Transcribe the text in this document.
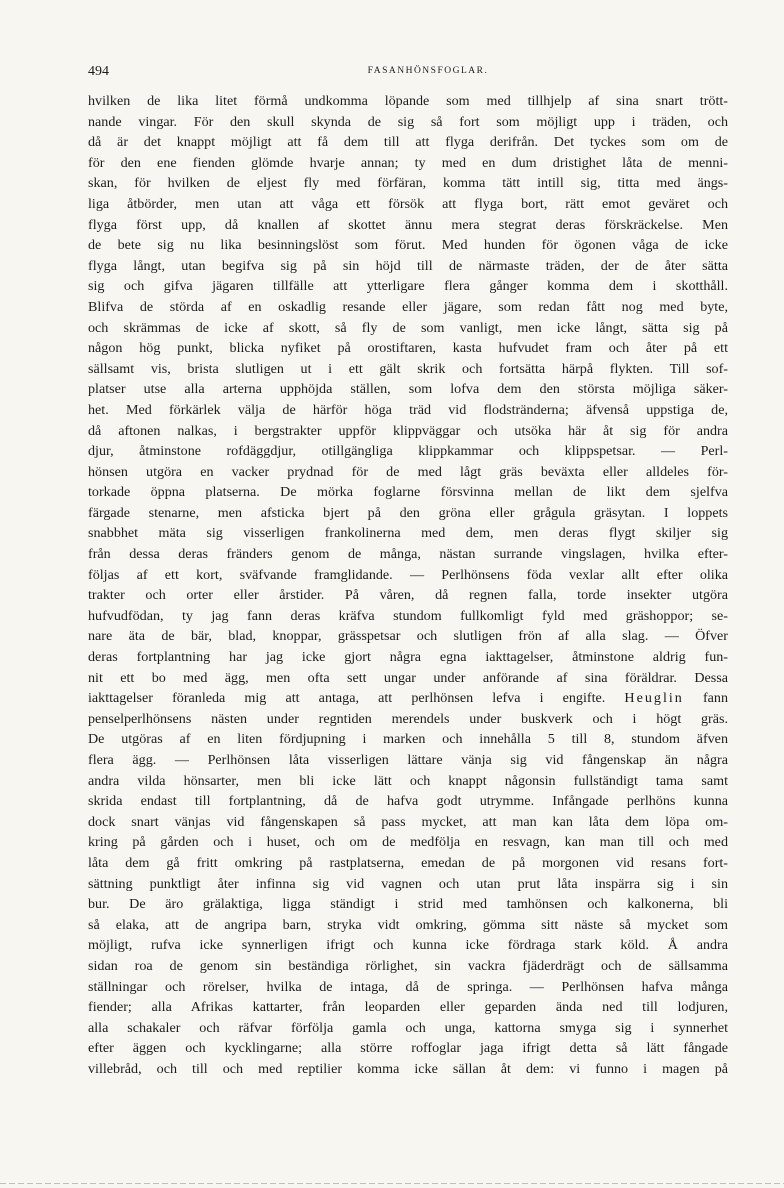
494	FASANHÖNSFOGLAR.
hvilken de lika litet förmå undkomma löpande som med tillhjelp af sina snart trött-
nande vingar. För den skull skynda de sig så fort som möjligt upp i träden, och
då är det knappt möjligt att få dem till att flyga derifrån. Det tyckes som om de
för den ene fienden glömde hvarje annan; ty med en dum dristighet låta de menni-
skan, för hvilken de eljest fly med förfäran, komma tätt intill sig, titta med ängs-
liga åtbörder, men utan att våga ett försök att flyga bort, rätt emot geväret och
flyga först upp, då knallen af skottet ännu mera stegrat deras förskräckelse. Men
de bete sig nu lika besinningslöst som förut. Med hunden för ögonen våga de icke
flyga långt, utan begifva sig på sin höjd till de närmaste träden, der de åter sätta
sig och gifva jägaren tillfälle att ytterligare flera gånger komma dem i skotthåll.
Blifva de störda af en oskadlig resande eller jägare, som redan fått nog med byte,
och skrämmas de icke af skott, så fly de som vanligt, men icke långt, sätta sig på
någon hög punkt, blicka nyfiket på orostiftaren, kasta hufvudet fram och åter på ett
sällsamt vis, brista slutligen ut i ett gält skrik och fortsätta härpå flykten. Till sof-
platser utse alla arterna upphöjda ställen, som lofva dem den största möjliga säker-
het. Med förkärlek välja de härför höga träd vid flodstränderna; äfvenså uppstiga de,
då aftonen nalkas, i bergstrakter uppför klippväggar och utsöka här åt sig för andra
djur, åtminstone rofdäggdjur, otillgängliga klippkammar och klippspetsar. — Perl-
hönsen utgöra en vacker prydnad för de med lågt gräs beväxta eller alldeles för-
torkade öppna platserna. De mörka foglarne försvinna mellan de likt dem sjelfva
färgade stenarne, men afsticka bjert på den gröna eller grågula gräsytan. I loppets
snabbhet mäta sig visserligen frankolinerna med dem, men deras flygt skiljer sig
från dessa deras fränders genom de många, nästan surrande vingslagen, hvilka efter-
följas af ett kort, sväfvande framglidande. — Perlhönsens föda vexlar allt efter olika
trakter och orter eller årstider. På våren, då regnen falla, torde insekter utgöra
hufvudfödan, ty jag fann deras kräfva stundom fullkomligt fyld med gräshoppor; se-
nare äta de bär, blad, knoppar, grässpetsar och slutligen frön af alla slag. — Öfver
deras fortplantning har jag icke gjort några egna iakttagelser, åtminstone aldrig fun-
nit ett bo med ägg, men ofta sett ungar under anförande af sina föräldrar. Dessa
iakttagelser föranleda mig att antaga, att perlhönsen lefva i engifte. Heuglin fann
penselperlhönsens nästen under regntiden merendels under buskverk och i högt gräs.
De utgöras af en liten fördjupning i marken och innehålla 5 till 8, stundom äfven
flera ägg. — Perlhönsen låta visserligen lättare vänja sig vid fångenskap än några
andra vilda hönsarter, men bli icke lätt och knappt någonsin fullständigt tama samt
skrida endast till fortplantning, då de hafva godt utrymme. Infångade perlhöns kunna
dock snart vänjas vid fångenskapen så pass mycket, att man kan låta dem löpa om-
kring på gården och i huset, och om de medfölja en resvagn, kan man till och med
låta dem gå fritt omkring på rastplatserna, emedan de på morgonen vid resans fort-
sättning punktligt åter infinna sig vid vagnen och utan prut låta inspärra sig i sin
bur. De äro grälaktiga, ligga ständigt i strid med tamhönsen och kalkonerna, bli
så elaka, att de angripa barn, stryka vidt omkring, gömma sitt näste så mycket som
möjligt, rufva icke synnerligen ifrigt och kunna icke fördraga stark köld. Å andra
sidan roa de genom sin beständiga rörlighet, sin vackra fjäderdrägt och de sällsamma
ställningar och rörelser, hvilka de intaga, då de springa. — Perlhönsen hafva många
fiender; alla Afrikas kattarter, från leoparden eller geparden ända ned till lodjuren,
alla schakaler och räfvar förfölja gamla och unga, kattorna smyga sig i synnerhet
efter äggen och kycklingarne; alla större roffoglar jaga ifrigt detta så lätt fångade
villebråd, och till och med reptilier komma icke sällan åt dem: vi funno i magen på
